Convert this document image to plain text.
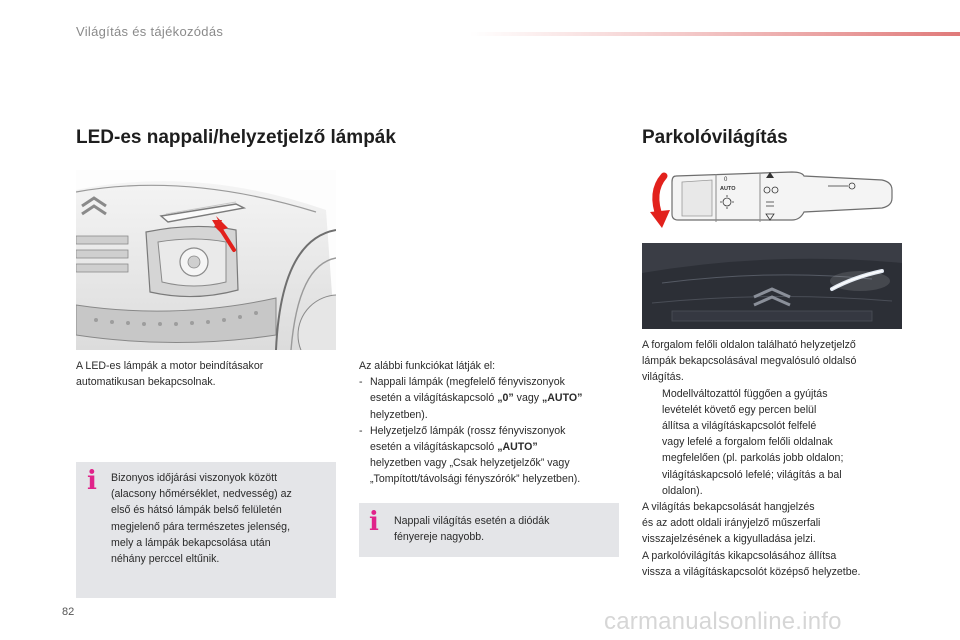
Világítás és tájékozódás
LED-es nappali/helyzetjelző lámpák
A LED-es lámpák a motor beindításakor
automatikusan bekapcsolnak.
Az alábbi funkciókat látják el:
- Nappali lámpák (megfelelő fényviszonyok
esetén a világításkapcsoló „0” vagy „AUTO”
helyzetben).
- Helyzetjelző lámpák (rossz fényviszonyok
esetén a világításkapcsoló „AUTO”
helyzetben vagy „Csak helyzetjelzők” vagy
„Tompított/távolsági fényszórók” helyzetben).
i Bizonyos időjárási viszonyok között
(alacsony hőmérséklet, nedvesség) az
első és hátsó lámpák belső felületén
megjelenő pára természetes jelenség,
mely a lámpák bekapcsolása után
néhány perccel eltűnik.
i Nappali világítás esetén a diódák
fényereje nagyobb.
Parkolóvilágítás
0
AUTO
A forgalom felőli oldalon található helyzetjelző
lámpák bekapcsolásával megvalósuló oldalsó
világítás.
Modellváltozattól függően a gyújtás
levételét követő egy percen belül
állítsa a világításkapcsolót felfelé
vagy lefelé a forgalom felőli oldalnak
megfelelően (pl. parkolás jobb oldalon;
világításkapcsoló lefelé; világítás a bal
oldalon).
A világítás bekapcsolását hangjelzés
és az adott oldali irányjelző műszerfali
visszajelzésének a kigyulladása jelzi.
A parkolóvilágítás kikapcsolásához állítsa
vissza a világításkapcsolót középső helyzetbe.
82	carmanualsonline.info
